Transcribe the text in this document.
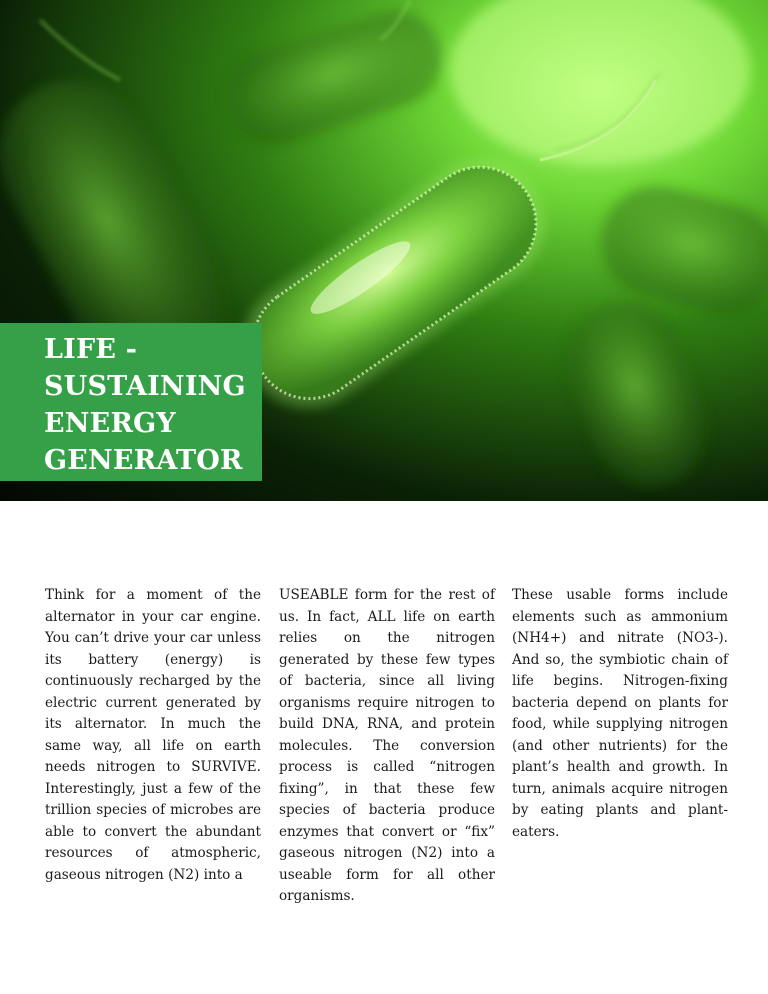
LIFE -
SUSTAINING
ENERGY
GENERATOR
Think for a moment of the alternator in your car engine. You can’t drive your car unless its battery (energy) is continuously recharged by the electric current generated by its alternator. In much the same way, all life on earth needs nitrogen to SURVIVE. Interestingly, just a few of the trillion species of microbes are able to convert the abundant resources of atmospheric, gaseous nitrogen (N2) into a
USEABLE form for the rest of us. In fact, ALL life on earth relies on the nitrogen generated by these few types of bacteria, since all living organisms require nitrogen to build DNA, RNA, and protein molecules. The conversion process is called “nitrogen fixing”, in that these few species of bacteria produce enzymes that convert or “fix” gaseous nitrogen (N2) into a useable form for all other organisms.
These usable forms include elements such as ammonium (NH4+) and nitrate (NO3-). And so, the symbiotic chain of life begins. Nitrogen-fixing bacteria depend on plants for food, while supplying nitrogen (and other nutrients) for the plant’s health and growth. In turn, animals acquire nitrogen by eating plants and plant-eaters.
